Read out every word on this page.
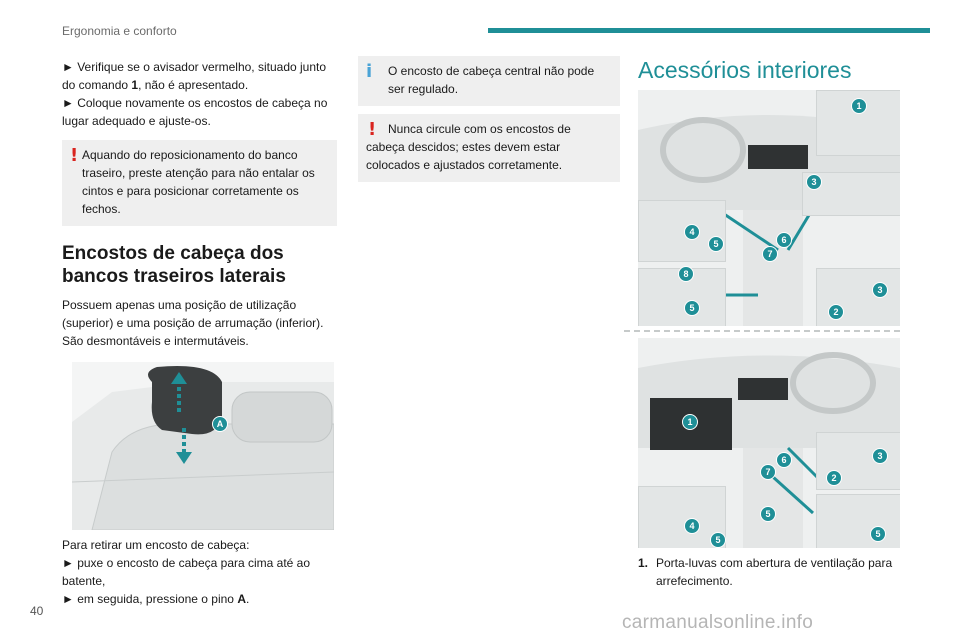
Ergonomia e conforto

► Verifique se o avisador vermelho, situado junto do comando 1, não é apresentado.

► Coloque novamente os encostos de cabeça no lugar adequado e ajuste-os.

! Aquando do reposicionamento do banco traseiro, preste atenção para não entalar os cintos e para posicionar corretamente os fechos.

Encostos de cabeça dos bancos traseiros laterais

Possuem apenas uma posição de utilização (superior) e uma posição de arrumação (inferior). São desmontáveis e intermutáveis.

A

Para retirar um encosto de cabeça:

► puxe o encosto de cabeça para cima até ao batente,

► em seguida, pressione o pino A.

i O encosto de cabeça central não pode ser regulado.

! Nunca circule com os encostos de cabeça descidos; estes devem estar colocados e ajustados corretamente.

Acessórios interiores
1
3
4
5	6
7
8
5
3
2
1
3
2
6
7
5
4
5
5
1. Porta-luvas com abertura de ventilação para arrefecimento.
40
carmanualsonline.info
